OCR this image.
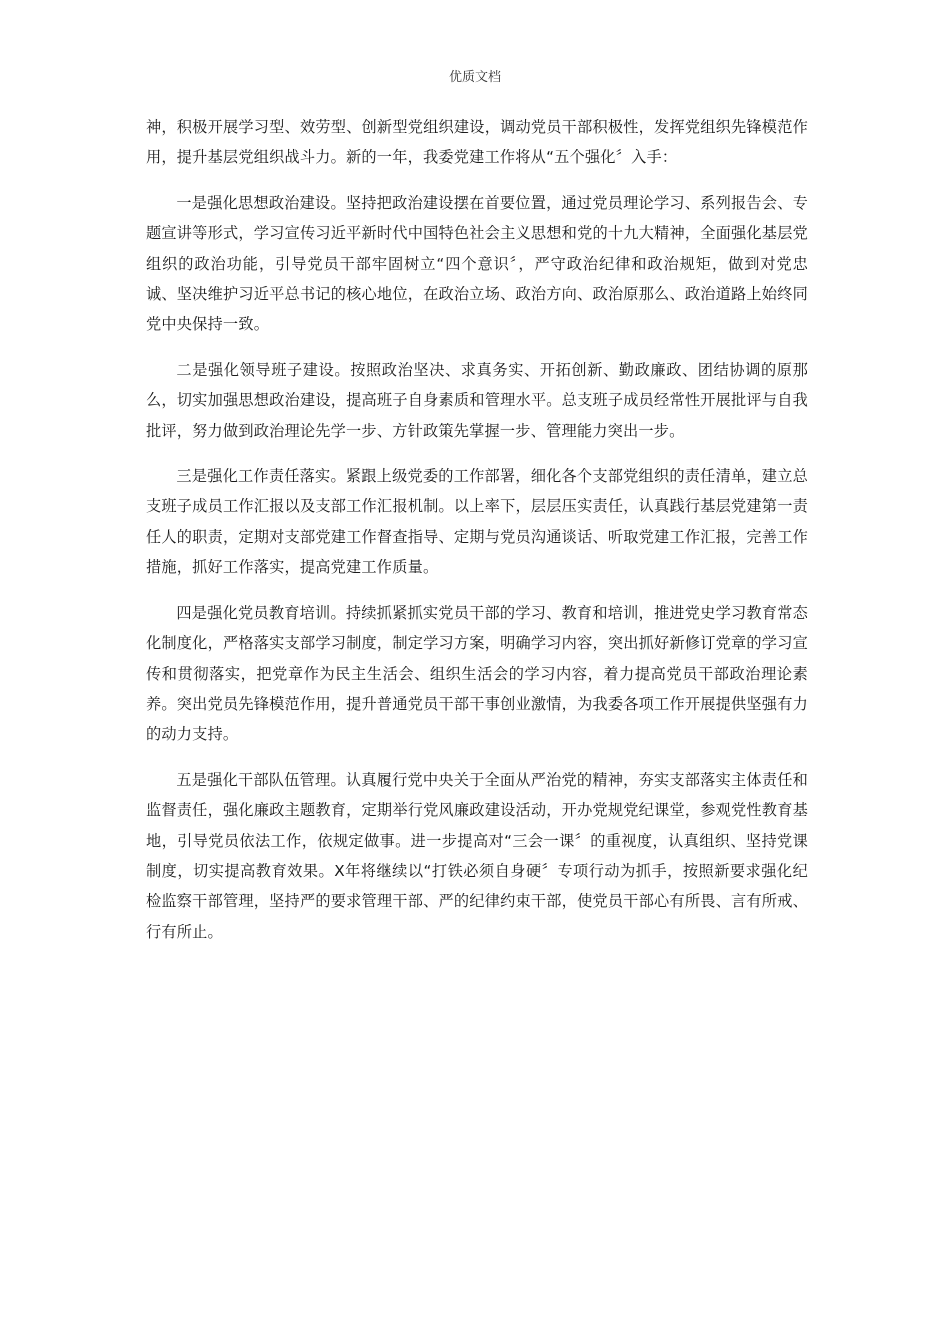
优质文档

神，积极开展学习型、效劳型、创新型党组织建设，调动党员干部积极性，发挥党组织先锋模范作用，提升基层党组织战斗力。新的一年，我委党建工作将从“五个强化〞入手：

一是强化思想政治建设。坚持把政治建设摆在首要位置，通过党员理论学习、系列报告会、专题宣讲等形式，学习宣传习近平新时代中国特色社会主义思想和党的十九大精神，全面强化基层党组织的政治功能，引导党员干部牢固树立“四个意识〞，严守政治纪律和政治规矩，做到对党忠诚、坚决维护习近平总书记的核心地位，在政治立场、政治方向、政治原那么、政治道路上始终同党中央保持一致。

二是强化领导班子建设。按照政治坚决、求真务实、开拓创新、勤政廉政、团结协调的原那么，切实加强思想政治建设，提高班子自身素质和管理水平。总支班子成员经常性开展批评与自我批评，努力做到政治理论先学一步、方针政策先掌握一步、管理能力突出一步。

三是强化工作责任落实。紧跟上级党委的工作部署，细化各个支部党组织的责任清单，建立总支班子成员工作汇报以及支部工作汇报机制。以上率下，层层压实责任，认真践行基层党建第一责任人的职责，定期对支部党建工作督查指导、定期与党员沟通谈话、听取党建工作汇报，完善工作措施，抓好工作落实，提高党建工作质量。

四是强化党员教育培训。持续抓紧抓实党员干部的学习、教育和培训，推进党史学习教育常态化制度化，严格落实支部学习制度，制定学习方案，明确学习内容，突出抓好新修订党章的学习宣传和贯彻落实，把党章作为民主生活会、组织生活会的学习内容，着力提高党员干部政治理论素养。突出党员先锋模范作用，提升普通党员干部干事创业激情，为我委各项工作开展提供坚强有力的动力支持。

五是强化干部队伍管理。认真履行党中央关于全面从严治党的精神，夯实支部落实主体责任和监督责任，强化廉政主题教育，定期举行党风廉政建设活动，开办党规党纪课堂，参观党性教育基地，引导党员依法工作，依规定做事。进一步提高对“三会一课〞的重视度，认真组织、坚持党课制度，切实提高教育效果。X年将继续以“打铁必须自身硬〞专项行动为抓手，按照新要求强化纪检监察干部管理，坚持严的要求管理干部、严的纪律约束干部，使党员干部心有所畏、言有所戒、行有所止。
